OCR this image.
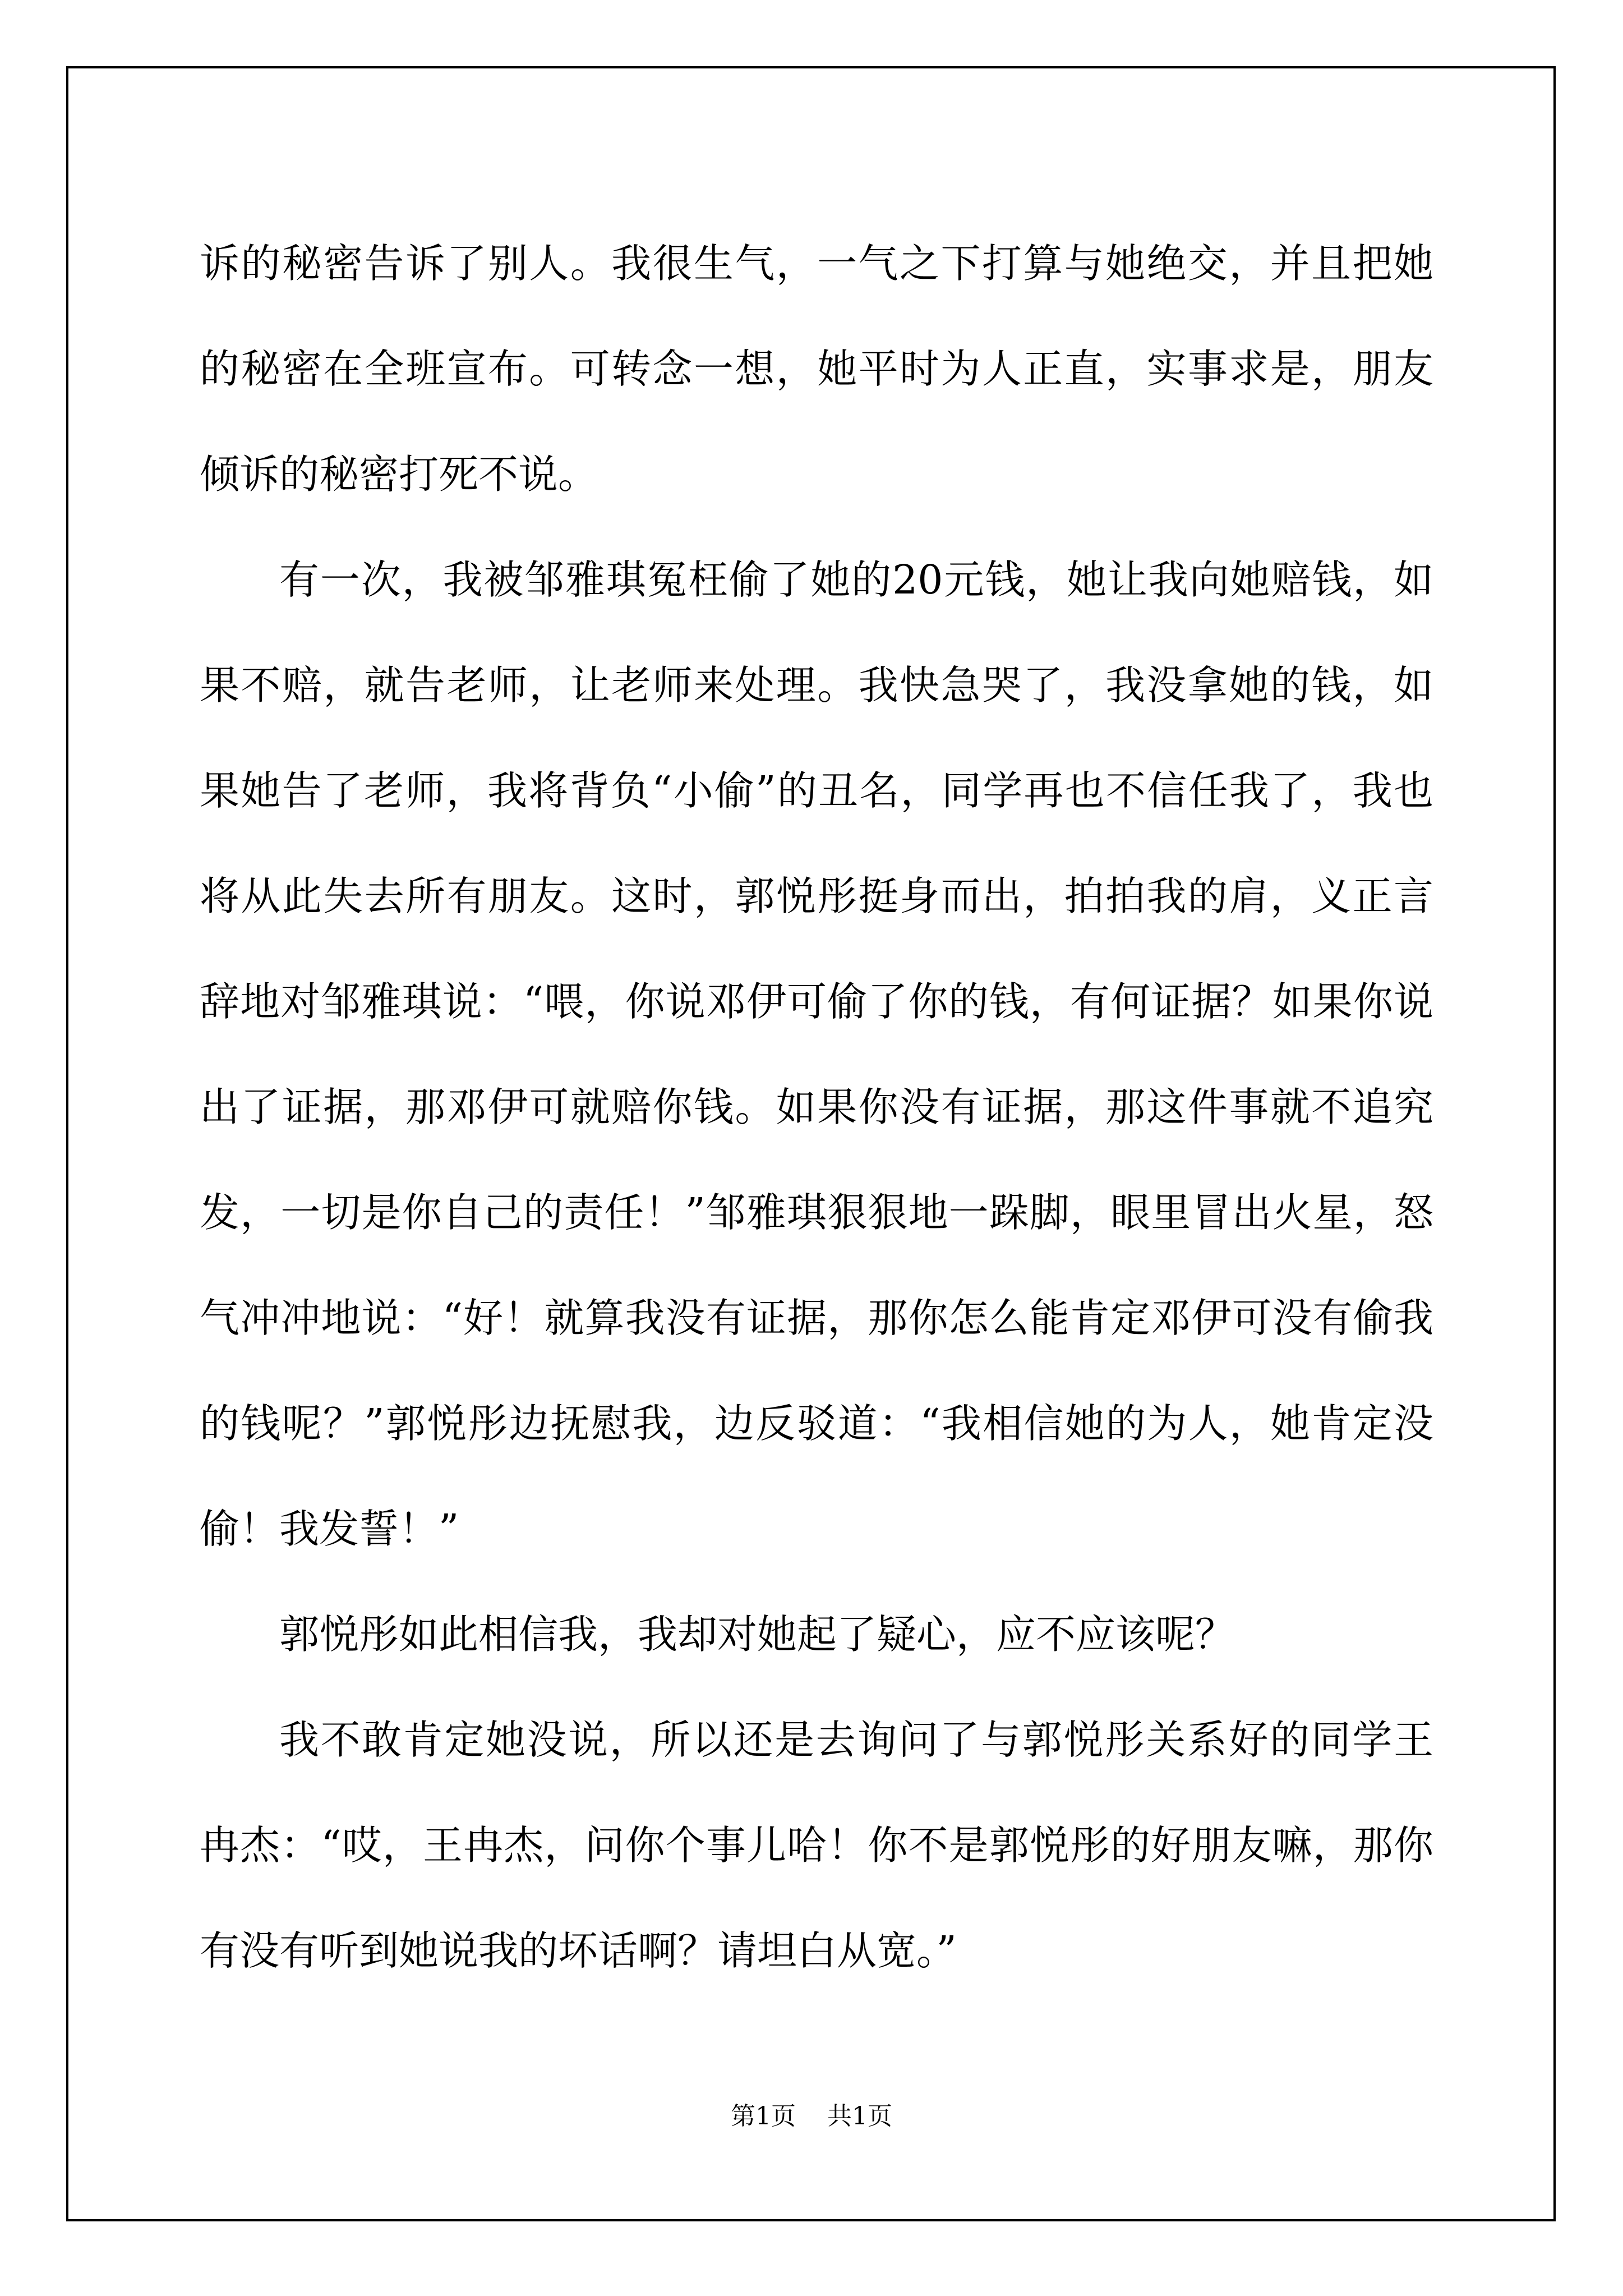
诉的秘密告诉了别人。我很生气，一气之下打算与她绝交，并且把她的秘密在全班宣布。可转念一想，她平时为人正直，实事求是，朋友倾诉的秘密打死不说。

有一次，我被邹雅琪冤枉偷了她的20元钱，她让我向她赔钱，如果不赔，就告老师，让老师来处理。我快急哭了，我没拿她的钱，如果她告了老师，我将背负“小偷”的丑名，同学再也不信任我了，我也将从此失去所有朋友。这时，郭悦彤挺身而出，拍拍我的肩，义正言辞地对邹雅琪说：“喂，你说邓伊可偷了你的钱，有何证据？如果你说出了证据，那邓伊可就赔你钱。如果你没有证据，那这件事就不追究发，一切是你自己的责任！”邹雅琪狠狠地一跺脚，眼里冒出火星，怒气冲冲地说：“好！就算我没有证据，那你怎么能肯定邓伊可没有偷我的钱呢？”郭悦彤边抚慰我，边反驳道：“我相信她的为人，她肯定没偷！我发誓！”

郭悦彤如此相信我，我却对她起了疑心，应不应该呢？

我不敢肯定她没说，所以还是去询问了与郭悦彤关系好的同学王冉杰：“哎，王冉杰，问你个事儿哈！你不是郭悦彤的好朋友嘛，那你有没有听到她说我的坏话啊？请坦白从宽。”

第1页 共1页
